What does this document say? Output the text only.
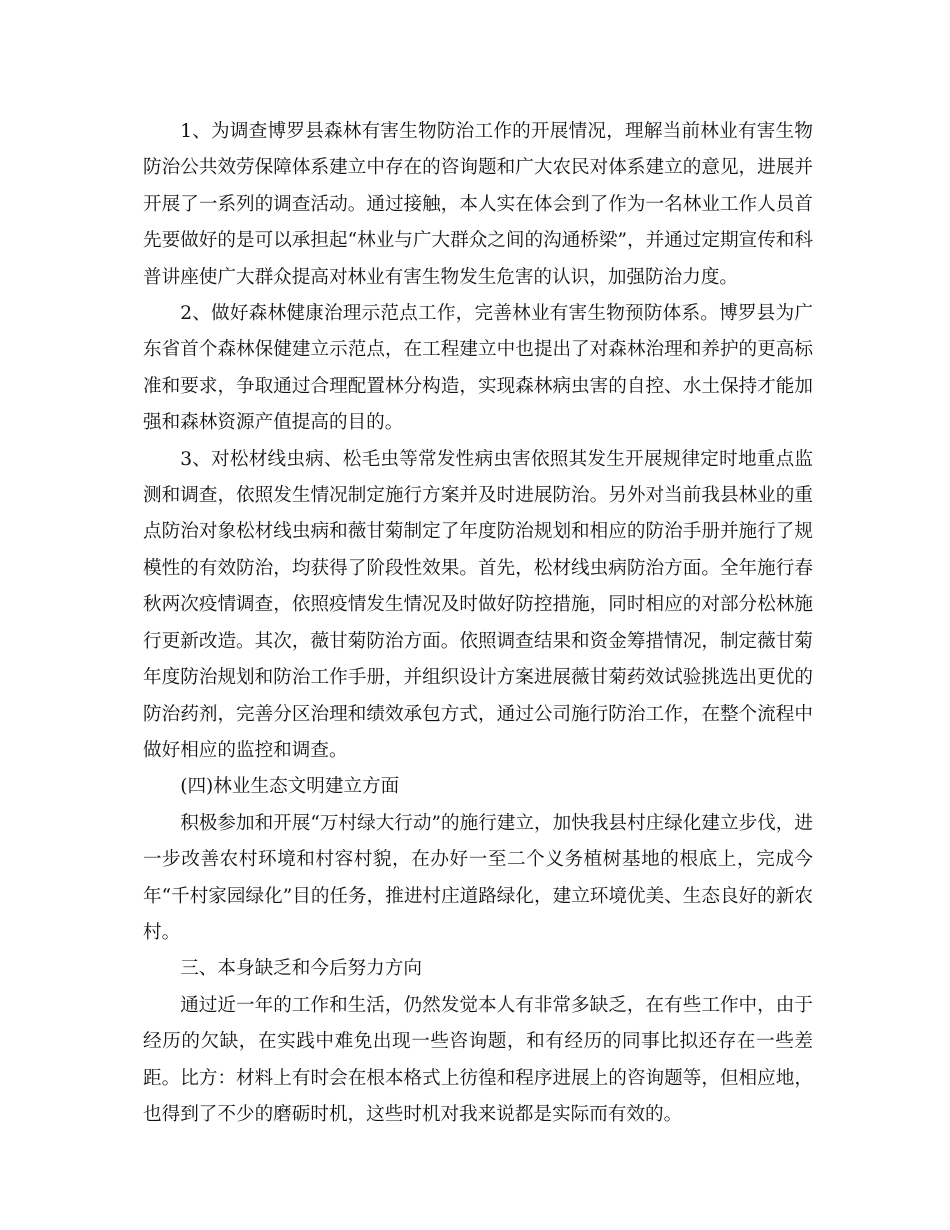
1、为调查博罗县森林有害生物防治工作的开展情况，理解当前林业有害生物防治公共效劳保障体系建立中存在的咨询题和广大农民对体系建立的意见，进展并开展了一系列的调查活动。通过接触，本人实在体会到了作为一名林业工作人员首先要做好的是可以承担起“林业与广大群众之间的沟通桥梁”，并通过定期宣传和科普讲座使广大群众提高对林业有害生物发生危害的认识，加强防治力度。

2、做好森林健康治理示范点工作，完善林业有害生物预防体系。博罗县为广东省首个森林保健建立示范点，在工程建立中也提出了对森林治理和养护的更高标准和要求，争取通过合理配置林分构造，实现森林病虫害的自控、水土保持才能加强和森林资源产值提高的目的。

3、对松材线虫病、松毛虫等常发性病虫害依照其发生开展规律定时地重点监测和调查，依照发生情况制定施行方案并及时进展防治。另外对当前我县林业的重点防治对象松材线虫病和薇甘菊制定了年度防治规划和相应的防治手册并施行了规模性的有效防治，均获得了阶段性效果。首先，松材线虫病防治方面。全年施行春秋两次疫情调查，依照疫情发生情况及时做好防控措施，同时相应的对部分松林施行更新改造。其次，薇甘菊防治方面。依照调查结果和资金筹措情况，制定薇甘菊年度防治规划和防治工作手册，并组织设计方案进展薇甘菊药效试验挑选出更优的防治药剂，完善分区治理和绩效承包方式，通过公司施行防治工作，在整个流程中做好相应的监控和调查。

(四)林业生态文明建立方面

积极参加和开展“万村绿大行动”的施行建立，加快我县村庄绿化建立步伐，进一步改善农村环境和村容村貌，在办好一至二个义务植树基地的根底上，完成今年“千村家园绿化”目的任务，推进村庄道路绿化，建立环境优美、生态良好的新农村。

三、本身缺乏和今后努力方向

通过近一年的工作和生活，仍然发觉本人有非常多缺乏，在有些工作中，由于经历的欠缺，在实践中难免出现一些咨询题，和有经历的同事比拟还存在一些差距。比方：材料上有时会在根本格式上彷徨和程序进展上的咨询题等，但相应地，也得到了不少的磨砺时机，这些时机对我来说都是实际而有效的。
